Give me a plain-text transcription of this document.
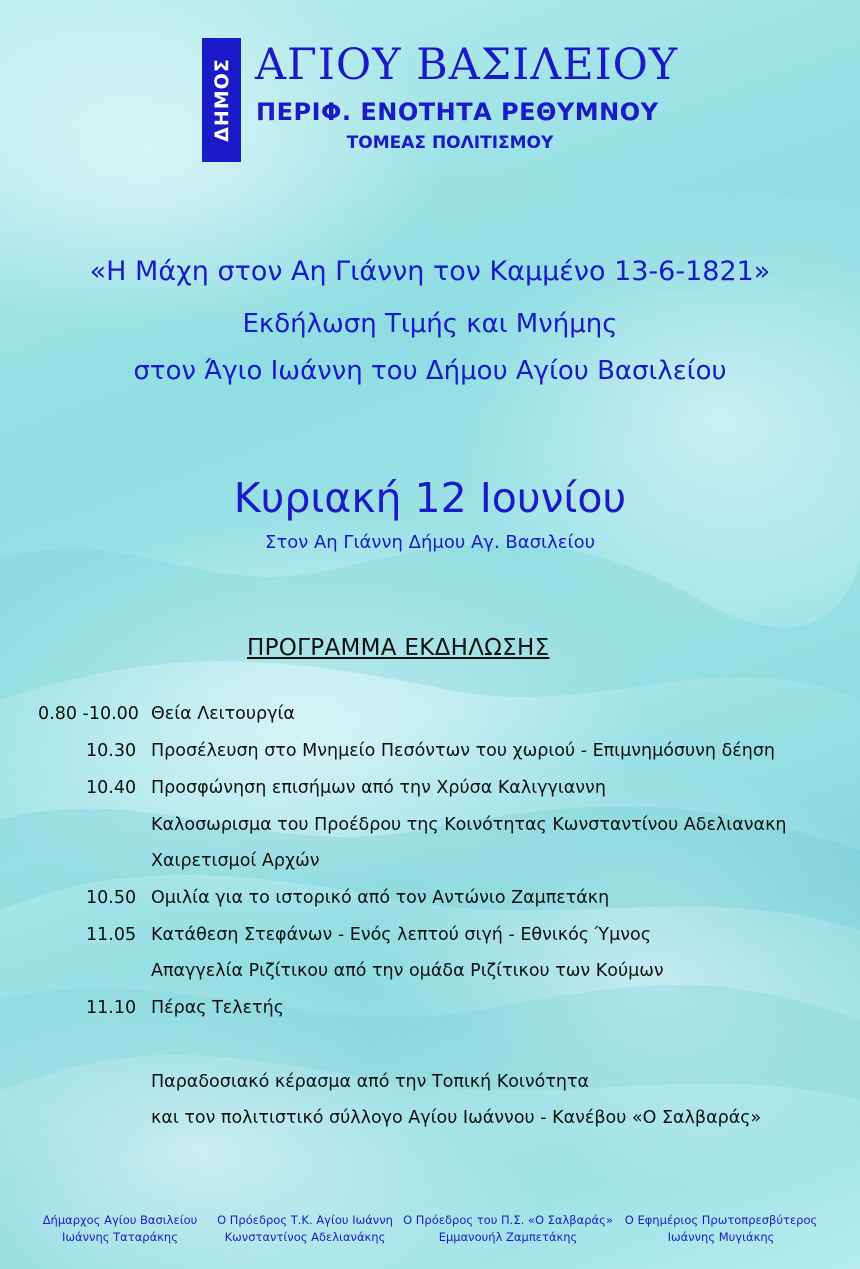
ΔΗΜΟΣ ΑΓΙΟΥ ΒΑΣΙΛΕΙΟΥ
ΠΕΡΙΦ. ΕΝΟΤΗΤΑ ΡΕΘΥΜΝΟΥ
ΤΟΜΕΑΣ ΠΟΛΙΤΙΣΜΟΥ
«Η Μάχη στον Αη Γιάννη τον Καμμένο 13-6-1821»
Εκδήλωση Τιμής και Μνήμης
στον Άγιο Ιωάννη του Δήμου Αγίου Βασιλείου
Κυριακή 12 Ιουνίου
Στον Αη Γιάννη Δήμου Αγ. Βασιλείου
ΠΡΟΓΡΑΜΜΑ ΕΚΔΗΛΩΣΗΣ
0.80 -10.00 Θεία Λειτουργία
10.30 Προσέλευση στο Μνημείο Πεσόντων του χωριού - Επιμνημόσυνη δέηση
10.40 Προσφώνηση επισήμων από την Χρύσα Καλιγγιαννη
Καλοσωρισμα του Προέδρου της Κοινότητας Κωνσταντίνου Αδελιανακη
Χαιρετισμοί Αρχών
10.50 Ομιλία για το ιστορικό από τον Αντώνιο Ζαμπετάκη
11.05 Κατάθεση Στεφάνων - Ενός λεπτού σιγή - Εθνικός Ύμνος
Απαγγελία Ριζίτικου από την ομάδα Ριζίτικου των Κούμων
11.10 Πέρας Τελετής
Παραδοσιακό κέρασμα από την Τοπική Κοινότητα
και τον πολιτιστικό σύλλογο Αγίου Ιωάννου - Κανέβου «Ο Σαλβαράς»
Δήμαρχος Αγίου Βασιλείου
Ιωάννης Ταταράκης
Ο Πρόεδρος Τ.Κ. Αγίου Ιωάννη
Κωνσταντίνος Αδελιανάκης
Ο Πρόεδρος του Π.Σ. «Ο Σαλβαράς»
Εμμανουήλ Ζαμπετάκης
Ο Εφημέριος Πρωτοπρεσβύτερος
Ιωάννης Μυγιάκης
